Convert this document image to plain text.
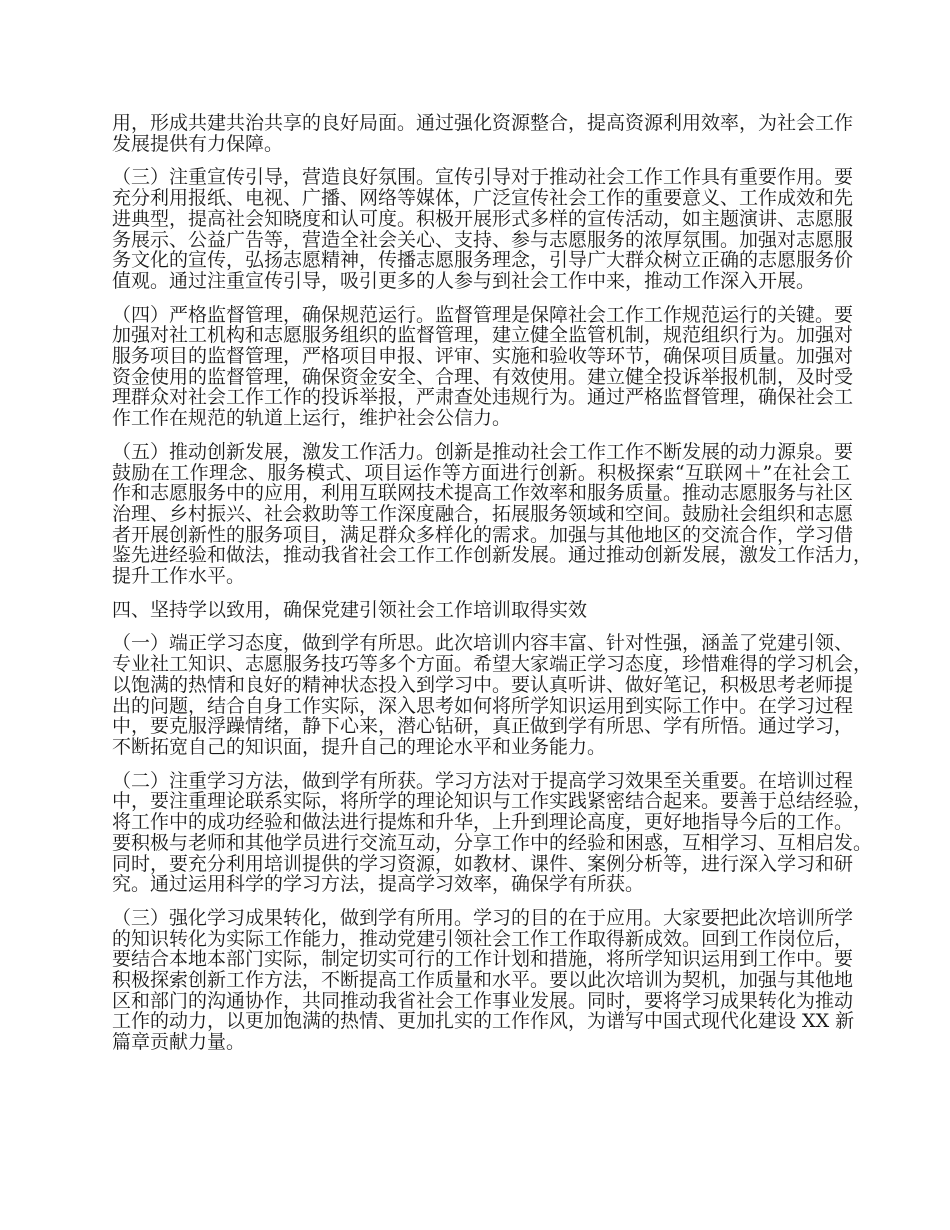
用，形成共建共治共享的良好局面。通过强化资源整合，提高资源利用效率，为社会工作
发展提供有力保障。
（三）注重宣传引导，营造良好氛围。宣传引导对于推动社会工作工作具有重要作用。要
充分利用报纸、电视、广播、网络等媒体，广泛宣传社会工作的重要意义、工作成效和先
进典型，提高社会知晓度和认可度。积极开展形式多样的宣传活动，如主题演讲、志愿服
务展示、公益广告等，营造全社会关心、支持、参与志愿服务的浓厚氛围。加强对志愿服
务文化的宣传，弘扬志愿精神，传播志愿服务理念，引导广大群众树立正确的志愿服务价
值观。通过注重宣传引导，吸引更多的人参与到社会工作中来，推动工作深入开展。
（四）严格监督管理，确保规范运行。监督管理是保障社会工作工作规范运行的关键。要
加强对社工机构和志愿服务组织的监督管理，建立健全监管机制，规范组织行为。加强对
服务项目的监督管理，严格项目申报、评审、实施和验收等环节，确保项目质量。加强对
资金使用的监督管理，确保资金安全、合理、有效使用。建立健全投诉举报机制，及时受
理群众对社会工作工作的投诉举报，严肃查处违规行为。通过严格监督管理，确保社会工
作工作在规范的轨道上运行，维护社会公信力。
（五）推动创新发展，激发工作活力。创新是推动社会工作工作不断发展的动力源泉。要
鼓励在工作理念、服务模式、项目运作等方面进行创新。积极探索“互联网＋”在社会工
作和志愿服务中的应用，利用互联网技术提高工作效率和服务质量。推动志愿服务与社区
治理、乡村振兴、社会救助等工作深度融合，拓展服务领域和空间。鼓励社会组织和志愿
者开展创新性的服务项目，满足群众多样化的需求。加强与其他地区的交流合作，学习借
鉴先进经验和做法，推动我省社会工作工作创新发展。通过推动创新发展，激发工作活力，
提升工作水平。
四、坚持学以致用，确保党建引领社会工作培训取得实效
（一）端正学习态度，做到学有所思。此次培训内容丰富、针对性强，涵盖了党建引领、
专业社工知识、志愿服务技巧等多个方面。希望大家端正学习态度，珍惜难得的学习机会，
以饱满的热情和良好的精神状态投入到学习中。要认真听讲、做好笔记，积极思考老师提
出的问题，结合自身工作实际，深入思考如何将所学知识运用到实际工作中。在学习过程
中，要克服浮躁情绪，静下心来，潜心钻研，真正做到学有所思、学有所悟。通过学习，
不断拓宽自己的知识面，提升自己的理论水平和业务能力。
（二）注重学习方法，做到学有所获。学习方法对于提高学习效果至关重要。在培训过程
中，要注重理论联系实际，将所学的理论知识与工作实践紧密结合起来。要善于总结经验，
将工作中的成功经验和做法进行提炼和升华，上升到理论高度，更好地指导今后的工作。
要积极与老师和其他学员进行交流互动，分享工作中的经验和困惑，互相学习、互相启发。
同时，要充分利用培训提供的学习资源，如教材、课件、案例分析等，进行深入学习和研
究。通过运用科学的学习方法，提高学习效率，确保学有所获。
（三）强化学习成果转化，做到学有所用。学习的目的在于应用。大家要把此次培训所学
的知识转化为实际工作能力，推动党建引领社会工作工作取得新成效。回到工作岗位后，
要结合本地本部门实际，制定切实可行的工作计划和措施，将所学知识运用到工作中。要
积极探索创新工作方法，不断提高工作质量和水平。要以此次培训为契机，加强与其他地
区和部门的沟通协作，共同推动我省社会工作事业发展。同时，要将学习成果转化为推动
工作的动力，以更加饱满的热情、更加扎实的工作作风，为谱写中国式现代化建设 XX 新
篇章贡献力量。
